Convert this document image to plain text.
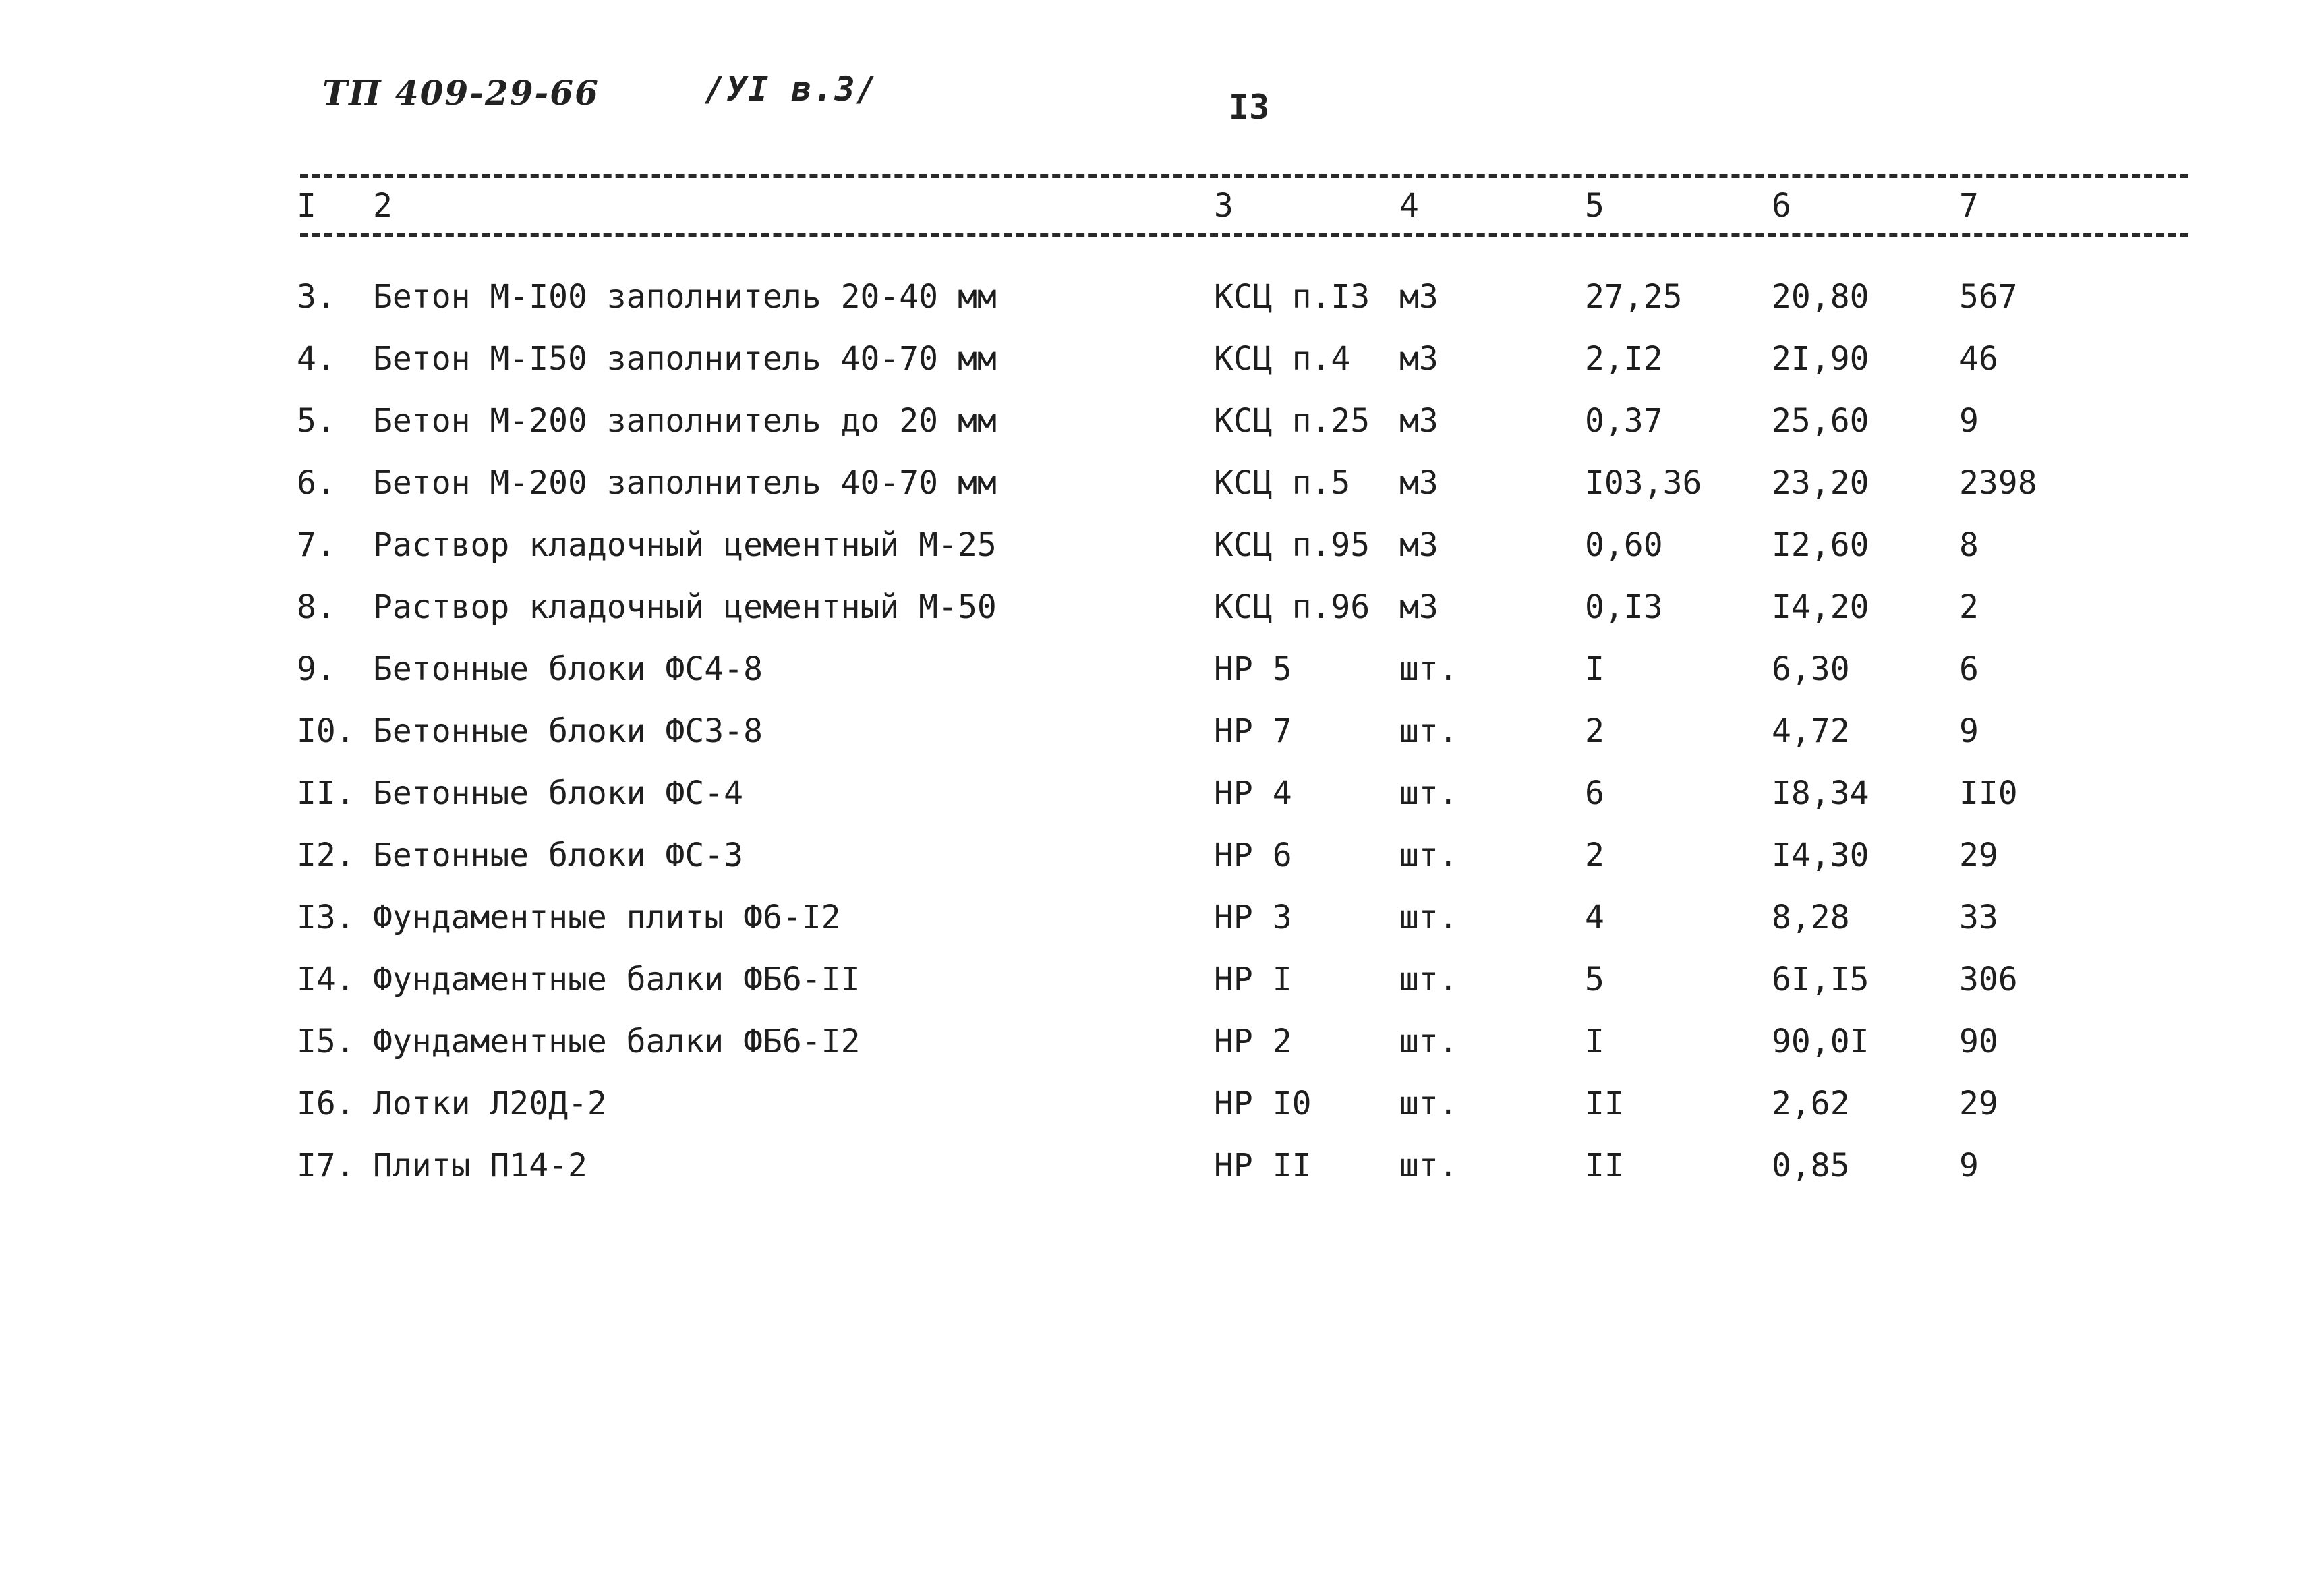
ТП 409-29-66	/УI в.3/	I3
I 2	3	4	5	6	7
3. Бетон М-I00 заполнитель 20-40 мм	КСЦ п.I3 м3	27,25	20,80	567
4. Бетон М-I50 заполнитель 40-70 мм	КСЦ п.4 м3	2,I2	2I,90	46
5. Бетон М-200 заполнитель до 20 мм	КСЦ п.25 м3	0,37	25,60	9
6. Бетон М-200 заполнитель 40-70 мм	КСЦ п.5 м3	I03,36 23,20	2398
7. Раствор кладочный цементный М-25	КСЦ п.95 м3	0,60	I2,60	8
8. Раствор кладочный цементный М-50	КСЦ п.96 м3	0,I3	I4,20	2
9. Бетонные блоки ФС4-8	НР 5	шт.	I	6,30	6
I0. Бетонные блоки ФС3-8	НР 7	шт.	2	4,72	9
II. Бетонные блоки ФС-4	НР 4	шт.	6	I8,34	II0
I2. Бетонные блоки ФС-3	НР 6	шт.	2	I4,30	29
I3. Фундаментные плиты Ф6-I2	НР 3	шт.	4	8,28	33
I4. Фундаментные балки ФБ6-II	НР I	шт.	5	6I,I5	306
I5. Фундаментные балки ФБ6-I2	НР 2	шт.	I	90,0I	90
I6. Лотки Л20Д-2	НР I0	шт.	II	2,62	29
I7. Плиты П14-2	НР II	шт.	II	0,85	9
